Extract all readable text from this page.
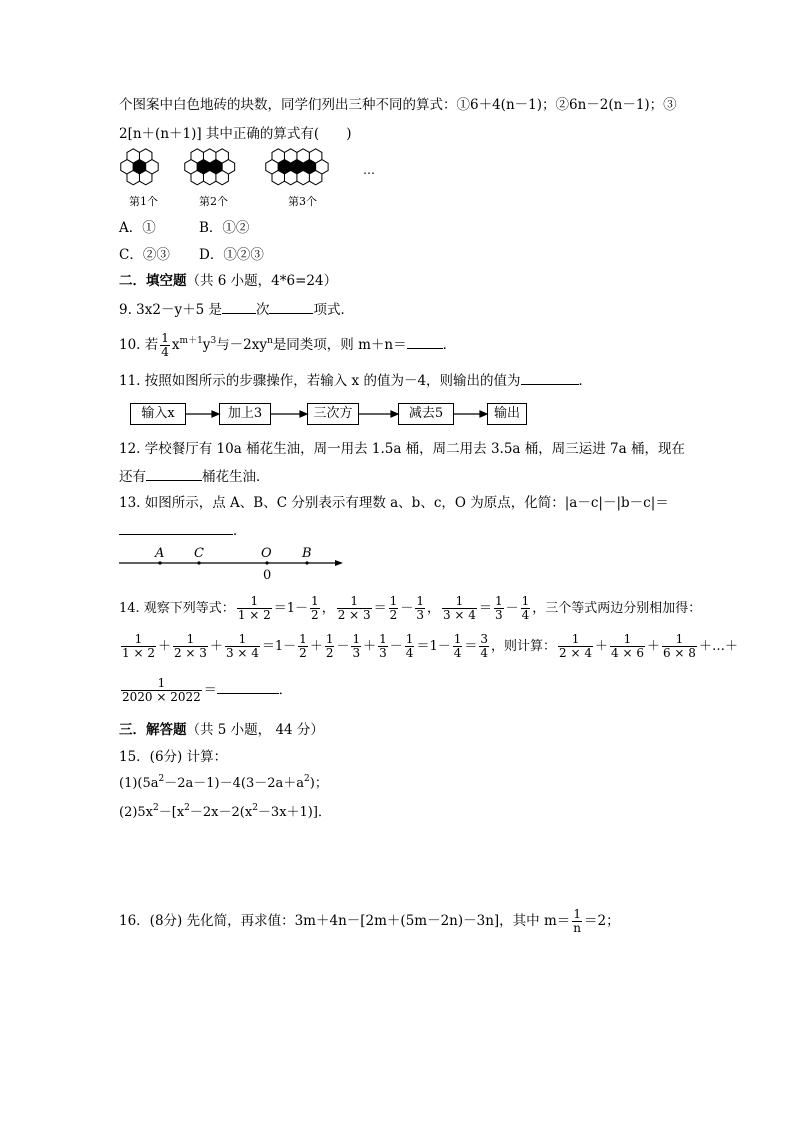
个图案中白色地砖的块数，同学们列出三种不同的算式：①6＋4(n－1)；②6n－2(n－1)；③
2[n＋(n＋1)] 其中正确的算式有(　　)
第1个	第2个	第3个
…
A．①	B．①②
C．②③ D．①②③
二．填空题（共 6 小题，4*6=24）
9. 3x2－y＋5 是	次	项式．
10. 若 $\frac{1}{4} x^{m+1}y^3$与$-2xy^n$是同类项，则 m＋n＝	．
11. 按照如图所示的步骤操作，若输入 x 的值为－4，则输出的值为	．
输入x	加上3	三次方	减去5	输出
12. 学校餐厅有 10a 桶花生油，周一用去 1.5a 桶，周二用去 3.5a 桶，周三运进 7a 桶，现在
还有	桶花生油．
13. 如图所示，点 A、B、C 分别表示有理数 a、b、c，O 为原点，化简：|a－c|－|b－c|＝
．
A C	O B
0
14. 观察下列等式： $\frac{1}{1 \times 2} =1- \frac{1}{2}$ ， $\frac{1}{2 \times 3} = \frac{1}{2} - \frac{1}{3}$ ， $\frac{1}{3 \times 4} = \frac{1}{3} - \frac{1}{4}$ ，三个等式两边分别相加得：
$\frac{1}{1 \times 2} + \frac{1}{2 \times 3} + \frac{1}{3 \times 4} =1- \frac{1}{2} + \frac{1}{2} - \frac{1}{3} + \frac{1}{3} - \frac{1}{4} =1- \frac{1}{4} = \frac{3}{4}$ ，则计算： $\frac{1}{2 \times 4} + \frac{1}{4 \times 6} + \frac{1}{6 \times 8}$ ＋…＋
$\frac{1}{2020 \times 2022}$ ＝	．
三．解答题（共 5 小题， 44 分）
15．(6分) 计算：
$(1)(5a^2-2a-1)-4(3-2a+a^2)$；
$(2)5x^2-[x^2-2x-2(x^2-3x+1)]$．
16．(8分) 先化简，再求值：3m＋4n－[2m＋(5m－2n)－3n]，其中 $m= \frac{1}{n} =2$；
